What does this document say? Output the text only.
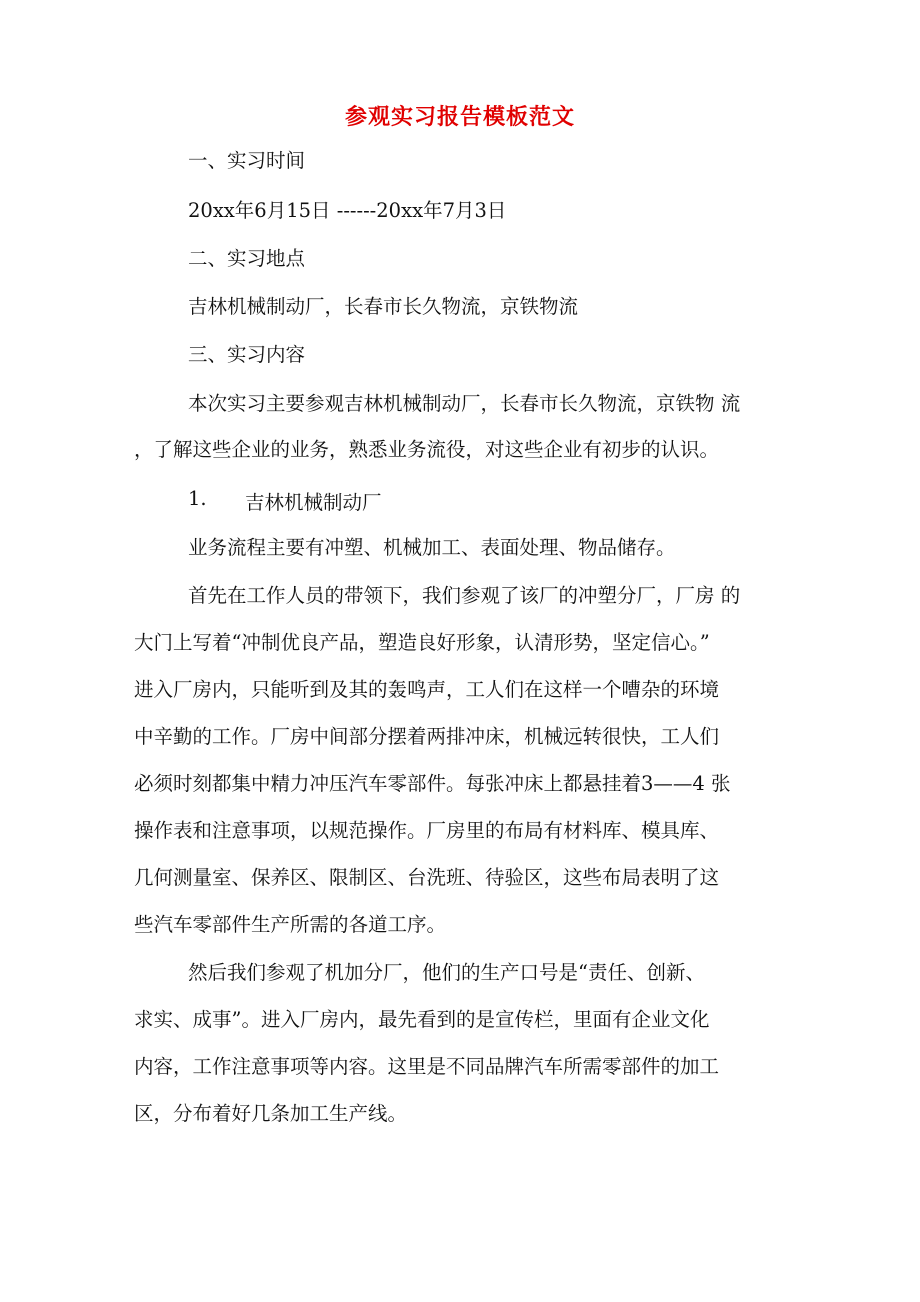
参观实习报告模板范文
一、实习时间
20xx年6月15日 ------20xx年7月3日
二、实习地点
吉林机械制动厂，长春市长久物流，京铁物流
三、实习内容
本次实习主要参观吉林机械制动厂，长春市长久物流，京铁物 流
，了解这些企业的业务，熟悉业务流役，对这些企业有初步的认识。
1. 吉林机械制动厂
业务流程主要有冲塑、机械加工、表面处理、物品储存。
首先在工作人员的带领下，我们参观了该厂的冲塑分厂，厂房 的
大门上写着“冲制优良产品，塑造良好形象，认清形势，坚定信心。”
进入厂房内，只能听到及其的轰鸣声，工人们在这样一个嘈杂的环境
中辛勤的工作。厂房中间部分摆着两排冲床，机械远转很快，工人们
必须时刻都集中精力冲压汽车零部件。每张冲床上都悬挂着3——4 张
操作表和注意事项，以规范操作。厂房里的布局有材料库、模具库、
几何测量室、保养区、限制区、台洗班、待验区，这些布局表明了这
些汽车零部件生产所需的各道工序。
然后我们参观了机加分厂，他们的生产口号是“责任、创新、
求实、成事”。进入厂房内，最先看到的是宣传栏，里面有企业文化
内容，工作注意事项等内容。这里是不同品牌汽车所需零部件的加工
区，分布着好几条加工生产线。
